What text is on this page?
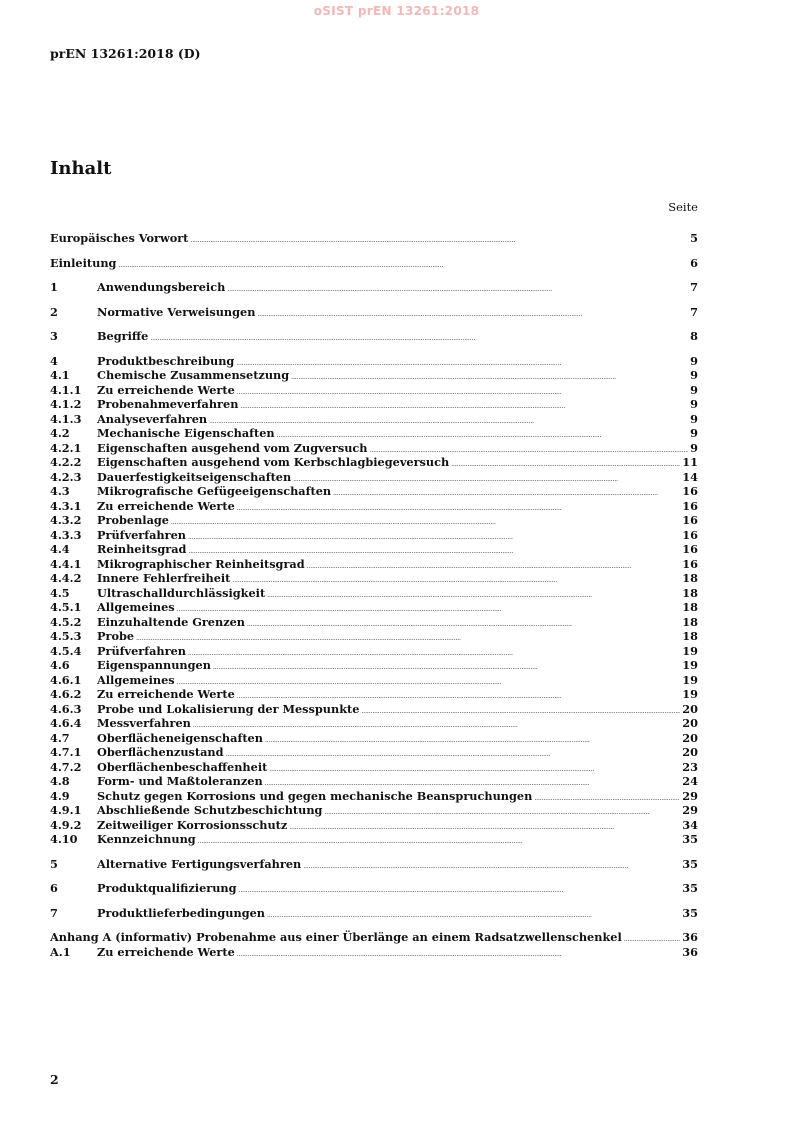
oSIST prEN 13261:2018
prEN 13261:2018 (D)
Inhalt
Seite
Europäisches Vorwort . . .	5
Einleitung . . .	6
1	Anwendungsbereich . . .	7
2	Normative Verweisungen . . .	7
3	Begriffe . . .	8
4	Produktbeschreibung . . .	9
4.1	Chemische Zusammensetzung . . .	9
4.1.1	Zu erreichende Werte . . .	9
4.1.2	Probenahmeverfahren . . .	9
4.1.3	Analyseverfahren . . .	9
4.2	Mechanische Eigenschaften . . .	9
4.2.1	Eigenschaften ausgehend vom Zugversuch . . .	9
4.2.2	Eigenschaften ausgehend vom Kerbschlagbiegeversuch . . .	11
4.2.3	Dauerfestigkeitseigenschaften . . .	14
4.3	Mikrografische Gefügeeigenschaften . . .	16
4.3.1	Zu erreichende Werte . . .	16
4.3.2	Probenlage . . .	16
4.3.3	Prüfverfahren . . .	16
4.4	Reinheitsgrad . . .	16
4.4.1	Mikrographischer Reinheitsgrad . . .	16
4.4.2	Innere Fehlerfreiheit . . .	18
4.5	Ultraschalldurchlässigkeit . . .	18
4.5.1	Allgemeines . . .	18
4.5.2	Einzuhaltende Grenzen . . .	18
4.5.3	Probe . . .	18
4.5.4	Prüfverfahren . . .	19
4.6	Eigenspannungen . . .	19
4.6.1	Allgemeines . . .	19
4.6.2	Zu erreichende Werte . . .	19
4.6.3	Probe und Lokalisierung der Messpunkte . . .	20
4.6.4	Messverfahren . . .	20
4.7	Oberflächeneigenschaften . . .	20
4.7.1	Oberflächenzustand . . .	20
4.7.2	Oberflächenbeschaffenheit . . .	23
4.8	Form- und Maßtoleranzen . . .	24
4.9	Schutz gegen Korrosions und gegen mechanische Beanspruchungen . . .	29
4.9.1	Abschließende Schutzbeschichtung . . .	29
4.9.2	Zeitweiliger Korrosionsschutz . . .	34
4.10	Kennzeichnung . . .	35
5	Alternative Fertigungsverfahren . . .	35
6	Produktqualifizierung . . .	35
7	Produktlieferbedingungen . . .	35
Anhang A (informativ) Probenahme aus einer Überlänge an einem Radsatzwellenschenkel . . .	36
A.1	Zu erreichende Werte . . .	36
2
